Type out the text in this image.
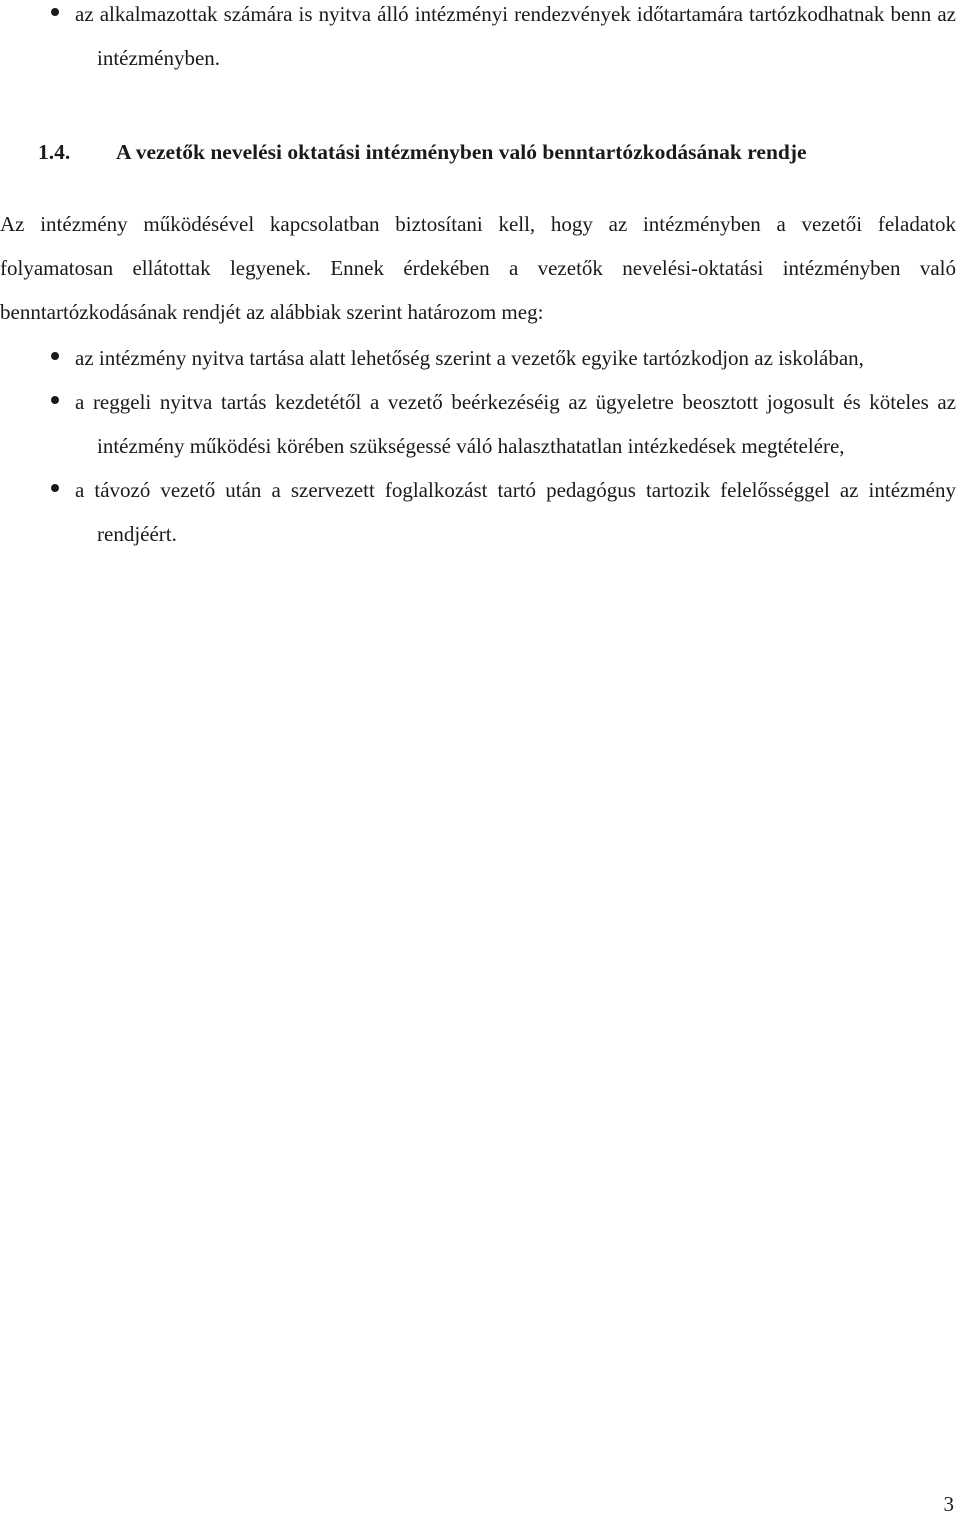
az alkalmazottak számára is nyitva álló intézményi rendezvények időtartamára tartózkodhatnak benn az intézményben.
1.4. A vezetők nevelési oktatási intézményben való benntartózkodásának rendje

Az intézmény működésével kapcsolatban biztosítani kell, hogy az intézményben a vezetői feladatok folyamatosan ellátottak legyenek. Ennek érdekében a vezetők nevelési-oktatási intézményben való benntartózkodásának rendjét az alábbiak szerint határozom meg:

az intézmény nyitva tartása alatt lehetőség szerint a vezetők egyike tartózkodjon az iskolában,
a reggeli nyitva tartás kezdetétől a vezető beérkezéséig az ügyeletre beosztott jogosult és köteles az intézmény működési körében szükségessé váló halaszthatatlan intézkedések megtételére,
a távozó vezető után a szervezett foglalkozást tartó pedagógus tartozik felelősséggel az intézmény rendjéért.
3
